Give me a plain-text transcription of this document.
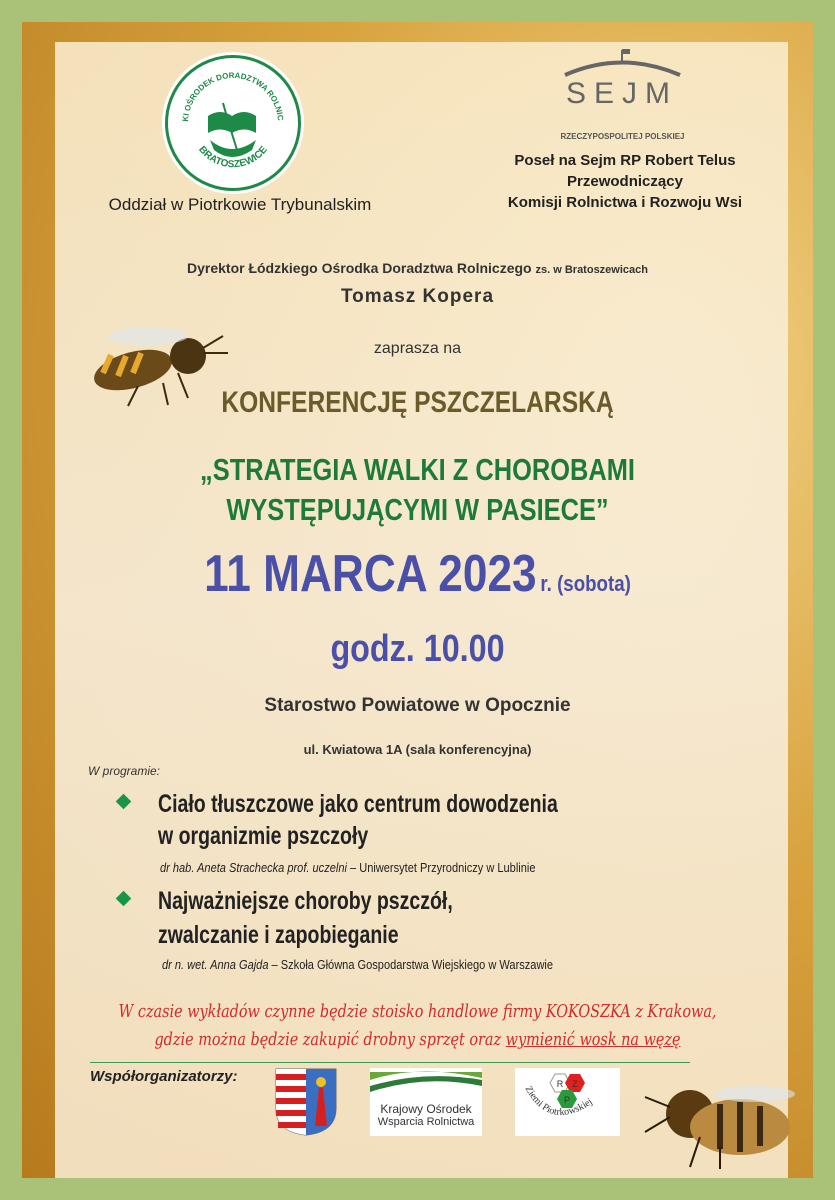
KI OŚRODEK DORADZTWA ROLNIC
BRATOSZEWICE
Oddział w Piotrkowie Trybunalskim
SEJM
RZECZYPOSPOLITEJ POLSKIEJ
Poseł na Sejm RP Robert Telus
Przewodniczący
Komisji Rolnictwa i Rozwoju Wsi
Dyrektor Łódzkiego Ośrodka Doradztwa Rolniczego zs. w Bratoszewicach
Tomasz Kopera
zaprasza na
KONFERENCJĘ PSZCZELARSKĄ
„STRATEGIA WALKI Z CHOROBAMI
WYSTĘPUJĄCYMI W PASIECE”
11 MARCA 2023 r. (sobota)
godz. 10.00
Starostwo Powiatowe w Opocznie
ul. Kwiatowa 1A (sala konferencyjna)
W programie:
Ciało tłuszczowe jako centrum dowodzenia
w organizmie pszczoły
dr hab. Aneta Strachecka prof. uczelni – Uniwersytet Przyrodniczy w Lublinie
Najważniejsze choroby pszczół,
zwalczanie i zapobieganie
dr n. wet. Anna Gajda – Szkoła Główna Gospodarstwa Wiejskiego w Warszawie
W czasie wykładów czynne będzie stoisko handlowe firmy KOKOSZKA z Krakowa,
gdzie można będzie zakupić drobny sprzęt oraz wymienić wosk na węzę
Współorganizatorzy:
Krajowy Ośrodek
Wsparcia Rolnictwa
R Z
P
Ziemi Piotrkowskiej
